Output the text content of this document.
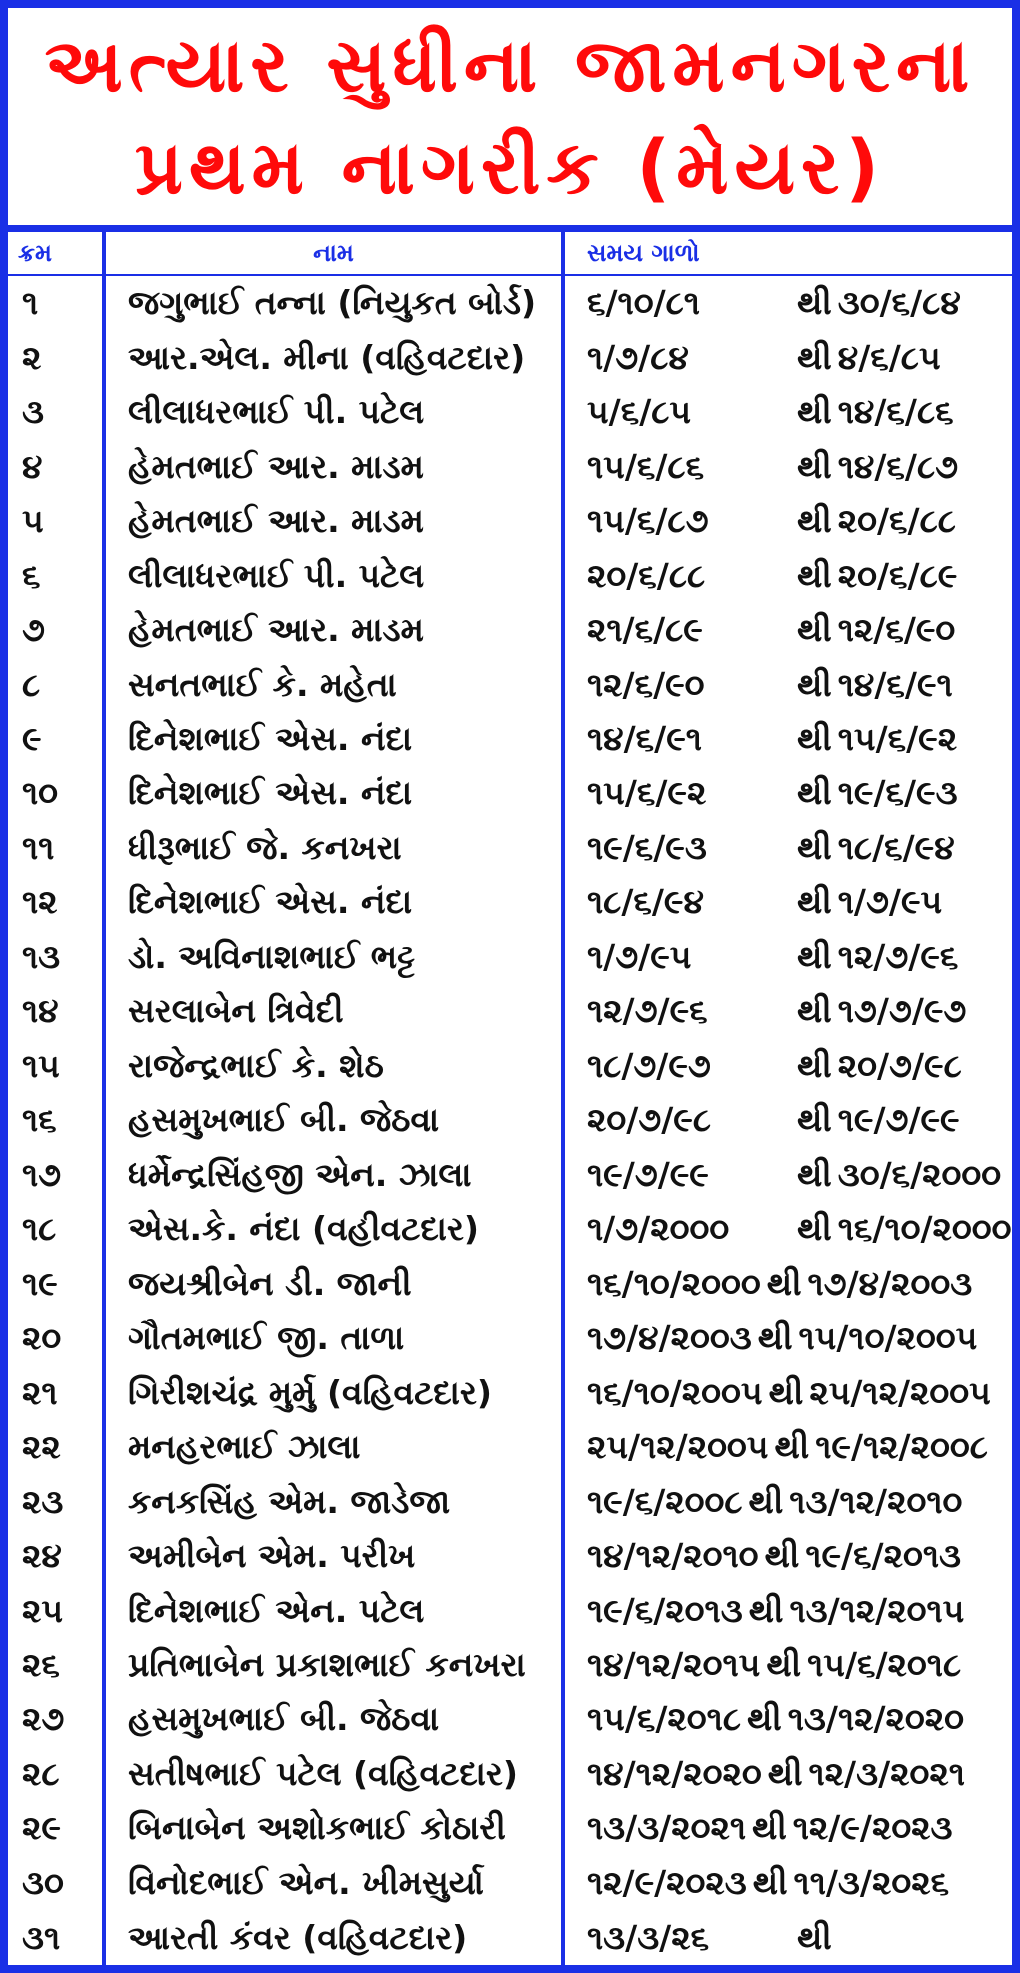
અત્યાર સુધીના જામનગરના
પ્રથમ નાગરીક (મેયર)
ક્રમ	નામ	સમય ગાળો
૧	જગુભાઈ તન્ના (નિયુકત બોર્ડ)	૬/૧૦/૮૧ થી ૩૦/૬/૮૪

૨	આર.એલ. મીના (વહિવટદાર)	૧/૭/૮૪ થી ૪/૬/૮૫

૩	લીલાધરભાઈ પી. પટેલ	૫/૬/૮૫ થી ૧૪/૬/૮૬

૪	હેમતભાઈ આર. માડમ	૧૫/૬/૮૬ થી ૧૪/૬/૮૭

૫	હેમતભાઈ આર. માડમ	૧૫/૬/૮૭ થી ૨૦/૬/૮૮

૬	લીલાધરભાઈ પી. પટેલ	૨૦/૬/૮૮ થી ૨૦/૬/૮૯

૭	હેમતભાઈ આર. માડમ	૨૧/૬/૮૯ થી ૧૨/૬/૯૦

૮	સનતભાઈ કે. મહેતા	૧૨/૬/૯૦ થી ૧૪/૬/૯૧

૯	દિનેશભાઈ એસ. નંદા	૧૪/૬/૯૧ થી ૧૫/૬/૯૨

૧૦	દિનેશભાઈ એસ. નંદા	૧૫/૬/૯૨ થી ૧૯/૬/૯૩

૧૧	ધીરૂભાઈ જે. કનખરા	૧૯/૬/૯૩ થી ૧૮/૬/૯૪

૧૨	દિનેશભાઈ એસ. નંદા	૧૮/૬/૯૪ થી ૧/૭/૯૫

૧૩	ડો. અવિનાશભાઈ ભટ્ટ	૧/૭/૯૫ થી ૧૨/૭/૯૬

૧૪	સરલાબેન ત્રિવેદી	૧૨/૭/૯૬ થી ૧૭/૭/૯૭

૧૫	રાજેન્દ્રભાઈ કે. શેઠ	૧૮/૭/૯૭ થી ૨૦/૭/૯૮

૧૬	હસમુખભાઈ બી. જેઠવા	૨૦/૭/૯૮ થી ૧૯/૭/૯૯

૧૭	ધર્મેન્દ્રસિંહજી એન. ઝાલા	૧૯/૭/૯૯ થી ૩૦/૬/૨૦૦૦

૧૮	એસ.કે. નંદા (વહીવટદાર)	૧/૭/૨૦૦૦ થી ૧૬/૧૦/૨૦૦૦

૧૯	જયશ્રીબેન ડી. જાની	૧૬/૧૦/૨૦૦૦ થી ૧૭/૪/૨૦૦૩

૨૦	ગૌતમભાઈ જી. તાળા	૧૭/૪/૨૦૦૩ થી ૧૫/૧૦/૨૦૦૫

૨૧	ગિરીશચંદ્ર મુર્મુ (વહિવટદાર)	૧૬/૧૦/૨૦૦૫ થી ૨૫/૧૨/૨૦૦૫

૨૨	મનહરભાઈ ઝાલા	૨૫/૧૨/૨૦૦૫ થી ૧૯/૧૨/૨૦૦૮

૨૩	કનકસિંહ એમ. જાડેજા	૧૯/૬/૨૦૦૮ થી ૧૩/૧૨/૨૦૧૦

૨૪	અમીબેન એમ. પરીખ	૧૪/૧૨/૨૦૧૦ થી ૧૯/૬/૨૦૧૩

૨૫	દિનેશભાઈ એન. પટેલ	૧૯/૬/૨૦૧૩ થી ૧૩/૧૨/૨૦૧૫

૨૬	પ્રતિભાબેન પ્રકાશભાઈ કનખરા	૧૪/૧૨/૨૦૧૫ થી ૧૫/૬/૨૦૧૮

૨૭	હસમુખભાઈ બી. જેઠવા	૧૫/૬/૨૦૧૮ થી ૧૩/૧૨/૨૦૨૦

૨૮	સતીષભાઈ પટેલ (વહિવટદાર)	૧૪/૧૨/૨૦૨૦ થી ૧૨/૩/૨૦૨૧

૨૯	બિનાબેન અશોકભાઈ કોઠારી	૧૩/૩/૨૦૨૧ થી ૧૨/૯/૨૦૨૩

૩૦	વિનોદભાઈ એન. ખીમસુર્યા	૧૨/૯/૨૦૨૩ થી ૧૧/૩/૨૦૨૬

૩૧	આરતી કંવર (વહિવટદાર)	૧૩/૩/૨૬ થી
